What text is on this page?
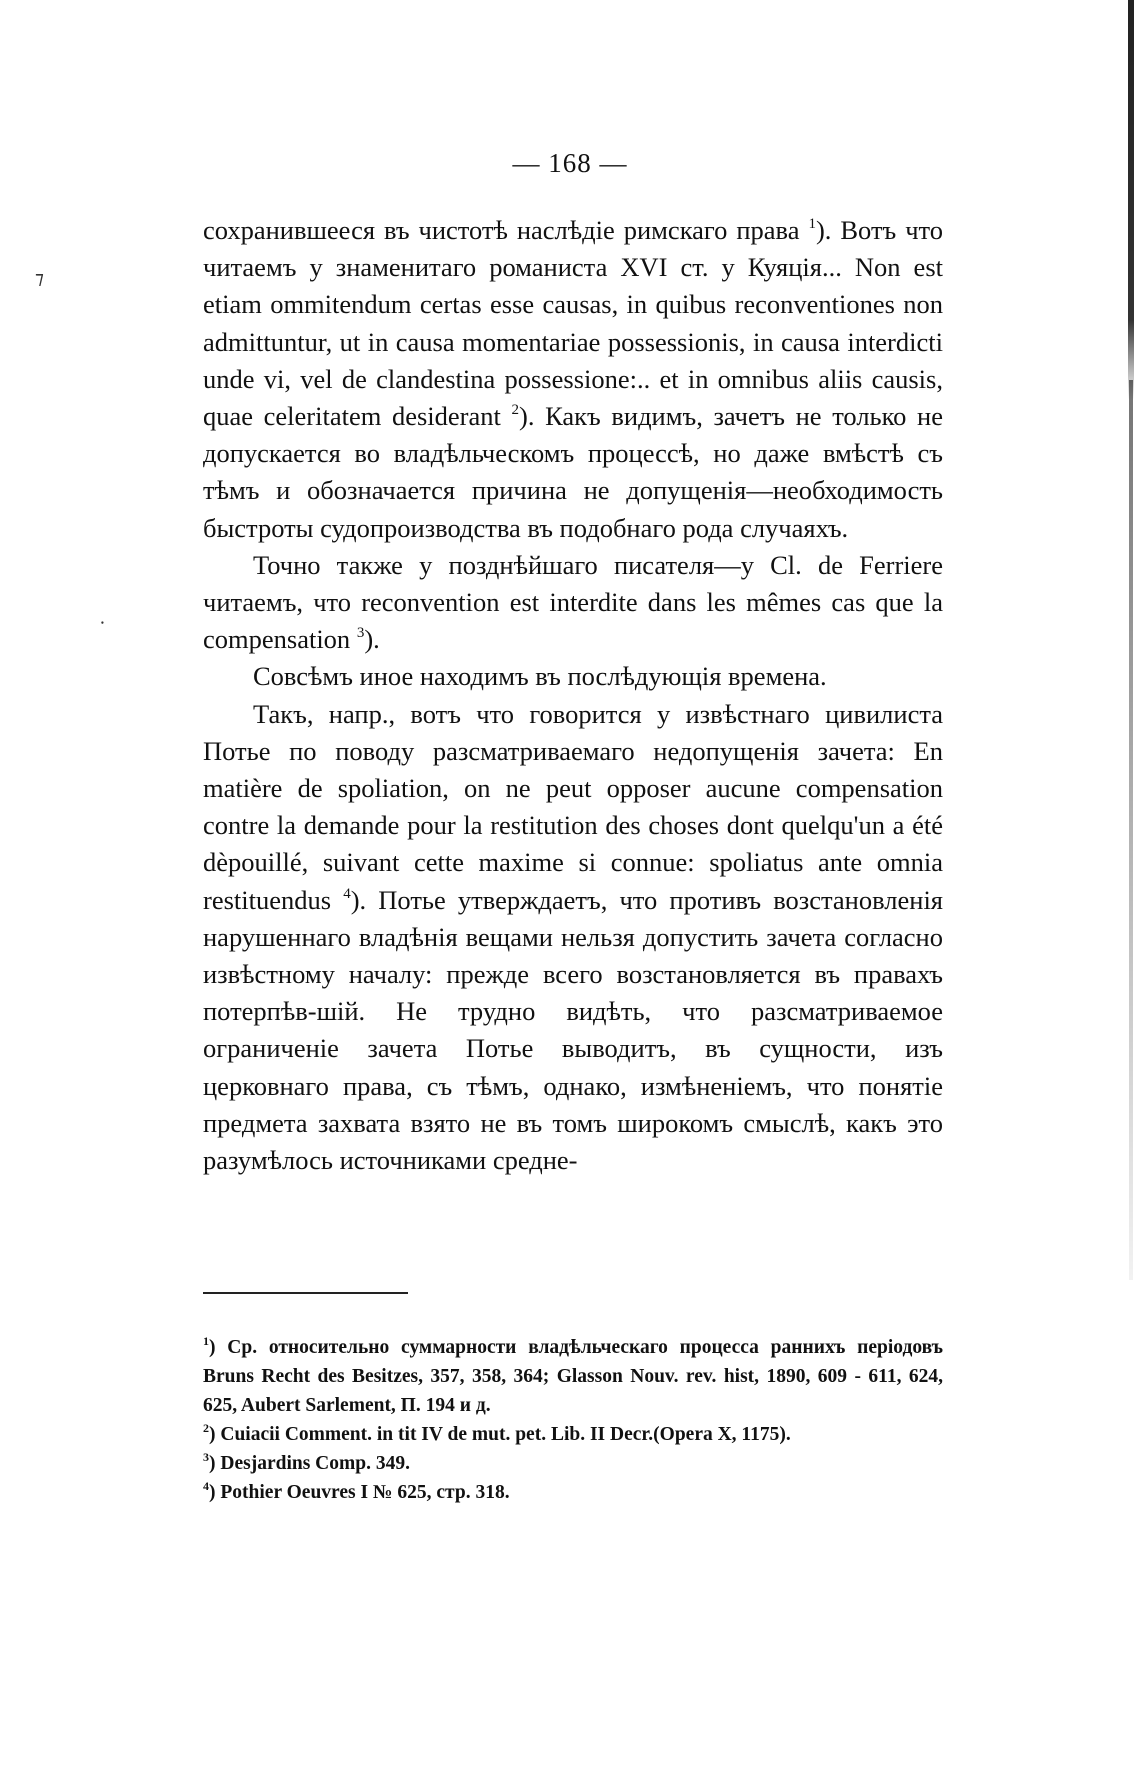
— 168 —
⁊
⸳

сохранившееся въ чистотѣ наслѣдіе римскаго права $^1$). Вотъ что читаемъ у знаменитаго романиста XVI ст. у Куяція... Non est etiam ommitendum certas esse causas, in quibus reconventiones non admittuntur, ut in causa momentariae possessionis, in causa interdicti unde vi, vel de clandestina possessione:.. et in omnibus aliis causis, quae celeritatem desiderant $^2$). Какъ видимъ, зачетъ не только не допускается во владѣльческомъ процессѣ, но даже вмѣстѣ съ тѣмъ и обозначается причина не допущенія—необходимость быстроты судопроизводства въ подобнаго рода случаяхъ.

Точно также у позднѣйшаго писателя—у Cl. de Ferriere читаемъ, что reconvention est interdite dans les mêmes cas que la compensation $^3$).

Совсѣмъ иное находимъ въ послѣдующія времена.

Такъ, напр., вотъ что говорится у извѣстнаго цивилиста Потье по поводу разсматриваемаго недопущенія зачета: En matière de spoliation, on ne peut opposer aucune compensation contre la demande pour la restitution des choses dont quelqu'un a été dèpouillé, suivant cette maxime si connue: spoliatus ante omnia restituendus $^4$). Потье утверждаетъ, что противъ возстановленія нарушеннаго владѣнія вещами нельзя допустить зачета согласно извѣстному началу: прежде всего возстановляется въ правахъ потерпѣв-шій. Не трудно видѣть, что разсматриваемое ограниченіе зачета Потье выводитъ, въ сущности, изъ церковнаго права, съ тѣмъ, однако, измѣненіемъ, что понятіе предмета захвата взято не въ томъ широкомъ смыслѣ, какъ это разумѣлось источниками средне-

$^1$) Ср. относительно суммарности владѣльческаго процесса раннихъ періодовъ Bruns Recht des Besitzes, 357, 358, 364; Glasson Nouv. rev. hist, 1890, 609 - 611, 624, 625, Aubert Sarlement, П. 194 и д.
$^2$) Cuiacii Comment. in tit IV de mut. pet. Lib. II Decr.(Opera X, 1175).
$^3$) Desjardins Comp. 349.
$^4$) Pothier Oeuvres I № 625, стр. 318.
